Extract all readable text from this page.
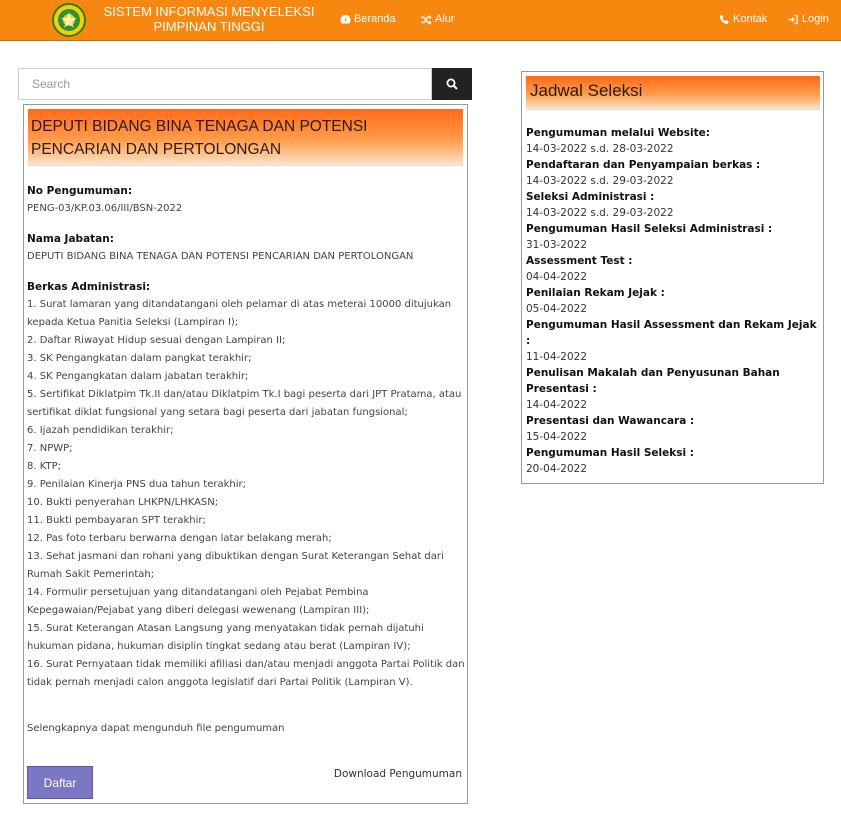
SISTEM INFORMASI MENYELEKSI
PIMPINAN TINGGI	Beranda	Alur	Kontak	Login
Search
DEPUTI BIDANG BINA TENAGA DAN POTENSI
PENCARIAN DAN PERTOLONGAN
No Pengumuman:
PENG-03/KP.03.06/III/BSN-2022
Nama Jabatan:
DEPUTI BIDANG BINA TENAGA DAN POTENSI PENCARIAN DAN PERTOLONGAN
Berkas Administrasi:
1. Surat lamaran yang ditandatangani oleh pelamar di atas meterai 10000 ditujukan kepada Ketua Panitia Seleksi (Lampiran I);
2. Daftar Riwayat Hidup sesuai dengan Lampiran II;
3. SK Pengangkatan dalam pangkat terakhir;
4. SK Pengangkatan dalam jabatan terakhir;
5. Sertifikat Diklatpim Tk.II dan/atau Diklatpim Tk.I bagi peserta dari JPT Pratama, atau sertifikat diklat fungsional yang setara bagi peserta dari jabatan fungsional;
6. Ijazah pendidikan terakhir;
7. NPWP;
8. KTP;
9. Penilaian Kinerja PNS dua tahun terakhir;
10. Bukti penyerahan LHKPN/LHKASN;
11. Bukti pembayaran SPT terakhir;
12. Pas foto terbaru berwarna dengan latar belakang merah;
13. Sehat jasmani dan rohani yang dibuktikan dengan Surat Keterangan Sehat dari Rumah Sakit Pemerintah;
14. Formulir persetujuan yang ditandatangani oleh Pejabat Pembina Kepegawaian/Pejabat yang diberi delegasi wewenang (Lampiran III);
15. Surat Keterangan Atasan Langsung yang menyatakan tidak pernah dijatuhi hukuman pidana, hukuman disiplin tingkat sedang atau berat (Lampiran IV);
16. Surat Pernyataan tidak memiliki afiliasi dan/atau menjadi anggota Partai Politik dan tidak pernah menjadi calon anggota legislatif dari Partai Politik (Lampiran V).
Selengkapnya dapat mengunduh file pengumuman
Daftar
Download Pengumuman
Jadwal Seleksi
Pengumuman melalui Website:
14-03-2022 s.d. 28-03-2022
Pendaftaran dan Penyampaian berkas :
14-03-2022 s.d. 29-03-2022
Seleksi Administrasi :
14-03-2022 s.d. 29-03-2022
Pengumuman Hasil Seleksi Administrasi :
31-03-2022
Assessment Test :
04-04-2022
Penilaian Rekam Jejak :
05-04-2022
Pengumuman Hasil Assessment dan Rekam Jejak :
11-04-2022
Penulisan Makalah dan Penyusunan Bahan Presentasi :
14-04-2022
Presentasi dan Wawancara :
15-04-2022
Pengumuman Hasil Seleksi :
20-04-2022
